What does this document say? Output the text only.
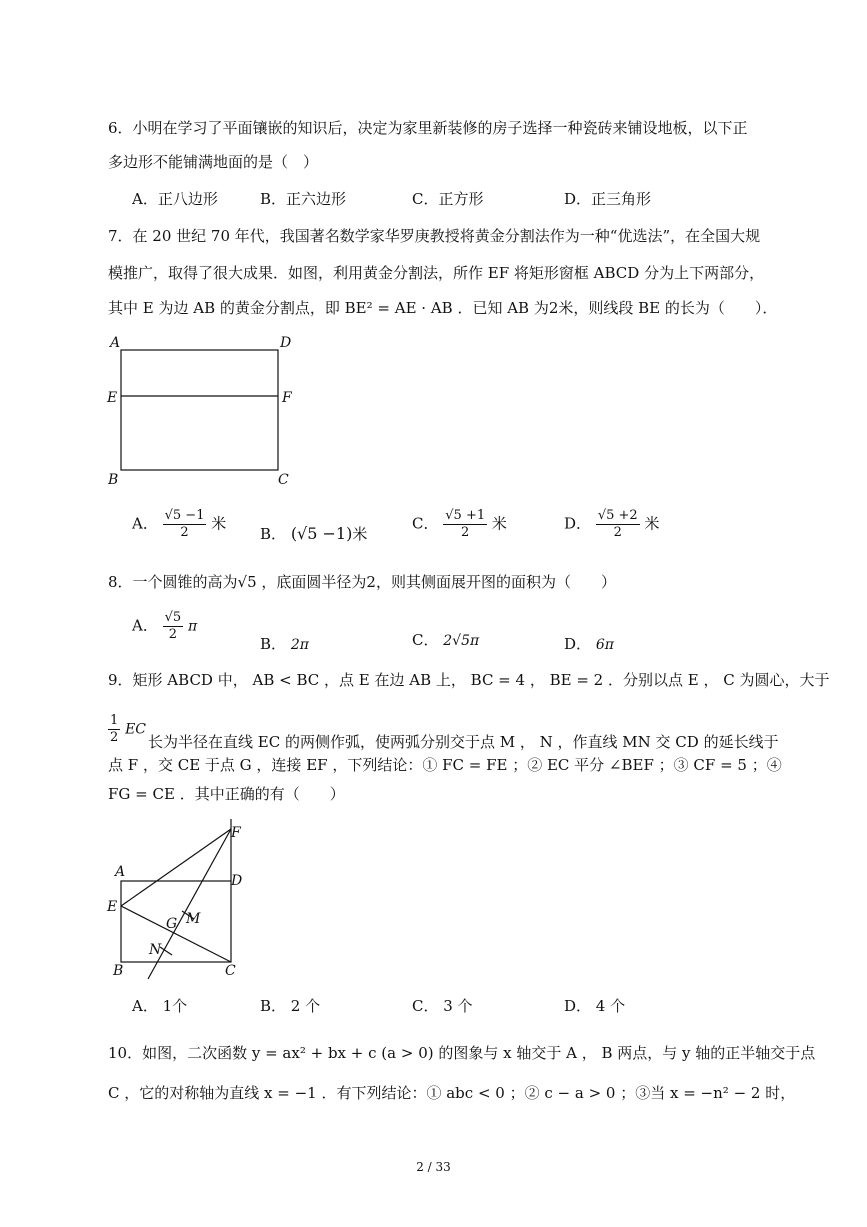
6．小明在学习了平面镶嵌的知识后，决定为家里新装修的房子选择一种瓷砖来铺设地板，以下正
多边形不能铺满地面的是（　）
A．正八边形	B．正六边形	C．正方形	D．正三角形
7．在 20 世纪 70 年代，我国著名数学家华罗庚教授将黄金分割法作为一种“优选法”，在全国大规
模推广，取得了很大成果．如图，利用黄金分割法，所作 EF 将矩形窗框 ABCD 分为上下两部分，
其中 E 为边 AB 的黄金分割点，即 BE² = AE · AB ．已知 AB 为2米，则线段 BE 的长为（　　）．
A	D
E	F
B	C
A． $\frac{√5 -1}{2}$ 米
B． (√5 −1)米
C． $\frac{√5 +1}{2}$ 米	D． $\frac{√5 +2}{2}$ 米
8．一个圆锥的高为√5 ，底面圆半径为2，则其侧面展开图的面积为（　　）
A． $\frac{√5}{2}$ π
B． 2π	C． 2√5π	D． 6π
9．矩形 ABCD 中， AB < BC ，点 E 在边 AB 上， BC = 4 ， BE = 2 ．分别以点 E ， C 为圆心，大于
$\frac{1}{2}$ EC
长为半径在直线 EC 的两侧作弧，使两弧分别交于点 M ， N ，作直线 MN 交 CD 的延长线于
点 F ，交 CE 于点 G ，连接 EF ，下列结论：① FC = FE ；② EC 平分 ∠BEF ；③ CF = 5 ；④
FG = CE ．其中正确的有（　　）
F
A
D
E
G M
N
B	C
A． 1个	B． 2 个	C． 3 个	D． 4 个
10．如图，二次函数 y = ax² + bx + c (a > 0) 的图象与 x 轴交于 A ， B 两点，与 y 轴的正半轴交于点
C ，它的对称轴为直线 x = −1 ．有下列结论：① abc < 0 ；② c − a > 0 ；③当 x = −n² − 2 时，
2 / 33
